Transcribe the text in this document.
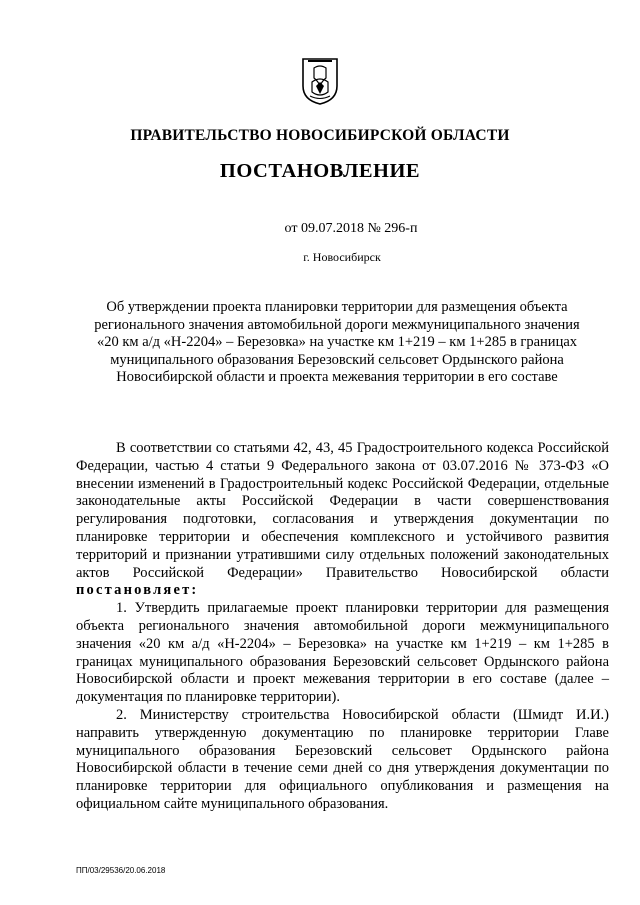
ПРАВИТЕЛЬСТВО НОВОСИБИРСКОЙ ОБЛАСТИ
ПОСТАНОВЛЕНИЕ
от 09.07.2018 № 296-п
г. Новосибирск
Об утверждении проекта планировки территории для размещения объекта
регионального значения автомобильной дороги межмуниципального значения
«20 км а/д «Н-2204» – Березовка» на участке км 1+219 – км 1+285 в границах
муниципального образования Березовский сельсовет Ордынского района
Новосибирской области и проекта межевания территории в его составе

В соответствии со статьями 42, 43, 45 Градостроительного кодекса Российской Федерации, частью 4 статьи 9 Федерального закона от 03.07.2016 № 373-ФЗ «О внесении изменений в Градостроительный кодекс Российской Федерации, отдельные законодательные акты Российской Федерации в части совершенствования регулирования подготовки, согласования и утверждения документации по планировке территории и обеспечения комплексного и устойчивого развития территорий и признании утратившими силу отдельных положений законодательных актов Российской Федерации» Правительство Новосибирской области постановляет:

1. Утвердить прилагаемые проект планировки территории для размещения объекта регионального значения автомобильной дороги межмуниципального значения «20 км а/д «Н-2204» – Березовка» на участке км 1+219 – км 1+285 в границах муниципального образования Березовский сельсовет Ордынского района Новосибирской области и проект межевания территории в его составе (далее – документация по планировке территории).

2. Министерству строительства Новосибирской области (Шмидт И.И.) направить утвержденную документацию по планировке территории Главе муниципального образования Березовский сельсовет Ордынского района Новосибирской области в течение семи дней со дня утверждения документации по планировке территории для официального опубликования и размещения на официальном сайте муниципального образования.

ПП/03/29536/20.06.2018
